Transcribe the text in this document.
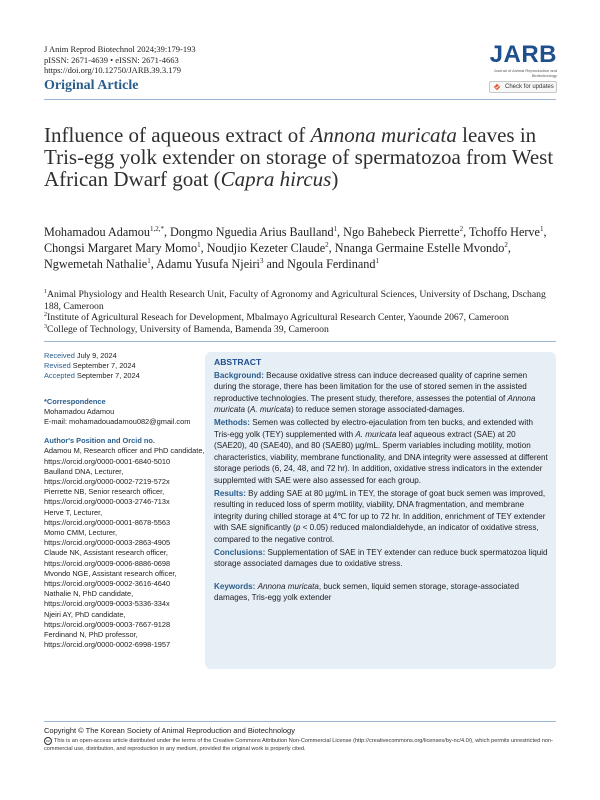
J Anim Reprod Biotechnol 2024;39:179-193
pISSN: 2671-4639 • eISSN: 2671-4663
https://doi.org/10.12750/JARB.39.3.179
JARB
Journal of Animal Reproduction and Biotechnology
Check for updates
Original Article
Influence of aqueous extract of Annona muricata leaves in Tris-egg yolk extender on storage of spermatozoa from West African Dwarf goat (Capra hircus)
Mohamadou Adamou$^{1,2,*}$, Dongmo Nguedia Arius Baulland$^1$, Ngo Bahebeck Pierrette$^2$, Tchoffo Herve$^1$, Chongsi Margaret Mary Momo$^1$, Noudjio Kezeter Claude$^2$, Nnanga Germaine Estelle Mvondo$^2$, Ngwemetah Nathalie$^1$, Adamu Yusufa Njeiri$^3$ and Ngoula Ferdinand$^1$
$^1$Animal Physiology and Health Research Unit, Faculty of Agronomy and Agricultural Sciences, University of Dschang, Dschang 188, Cameroon
$^2$Institute of Agricultural Reseach for Development, Mbalmayo Agricultural Research Center, Yaounde 2067, Cameroon
$^3$College of Technology, University of Bamenda, Bamenda 39, Cameroon
Received July 9, 2024
Revised September 7, 2024
Accepted September 7, 2024
*Correspondence
Mohamadou Adamou
E-mail: mohamadouadamou082@gmail.com
Author's Position and Orcid no.
Adamou M, Research officer and PhD candidate,
https://orcid.org/0000-0001-6840-5010
Baulland DNA, Lecturer,
https://orcid.org/0000-0002-7219-572x
Pierrette NB, Senior research officer,
https://orcid.org/0000-0003-2746-713x
Herve T, Lecturer,
https://orcid.org/0000-0001-8678-5563
Momo CMM, Lecturer,
https://orcid.org/0000-0003-2863-4905
Claude NK, Assistant research officer,
https://orcid.org/0009-0006-8886-0698
Mvondo NGE, Assistant research officer,
https://orcid.org/0009-0002-3616-4640
Nathalie N, PhD candidate,
https://orcid.org/0009-0003-5336-334x
Njeiri AY, PhD candidate,
https://orcid.org/0009-0003-7667-9128
Ferdinand N, PhD professor,
https://orcid.org/0000-0002-6998-1957
ABSTRACT
Background: Because oxidative stress can induce decreased quality of caprine semen during the storage, there has been limitation for the use of stored semen in the assisted reproductive technologies. The present study, therefore, assesses the potential of Annona muricata (A. muricata) to reduce semen storage associated-damages.
Methods: Semen was collected by electro-ejaculation from ten bucks, and extended with Tris-egg yolk (TEY) supplemented with A. muricata leaf aqueous extract (SAE) at 20 (SAE20), 40 (SAE40), and 80 (SAE80) µg/mL. Sperm variables including motility, motion characteristics, viability, membrane functionality, and DNA integrity were assessed at different storage periods (6, 24, 48, and 72 hr). In addition, oxidative stress indicators in the extender supplemted with SAE were also assessed for each group.
Results: By adding SAE at 80 µg/mL in TEY, the storage of goat buck semen was improved, resulting in reduced loss of sperm motility, viability, DNA fragmentation, and membrane integrity during chilled storage at 4℃ for up to 72 hr. In addition, enrichment of TEY extender with SAE significantly (p < 0.05) reduced malondialdehyde, an indicator of oxidative stress, compared to the negative control.
Conclusions: Supplementation of SAE in TEY extender can reduce buck spermatozoa liquid storage associated damages due to oxidative stress.
Keywords: Annona muricata, buck semen, liquid semen storage, storage-associated damages, Tris-egg yolk extender
Copyright © The Korean Society of Animal Reproduction and Biotechnology
cc This is an open-access article distributed under the terms of the Creative Commons Attribution Non-Commercial License (http://creativecommons.org/licenses/by-nc/4.0/), which permits unrestricted non-commercial use, distribution, and reproduction in any medium, provided the original work is properly cited.
